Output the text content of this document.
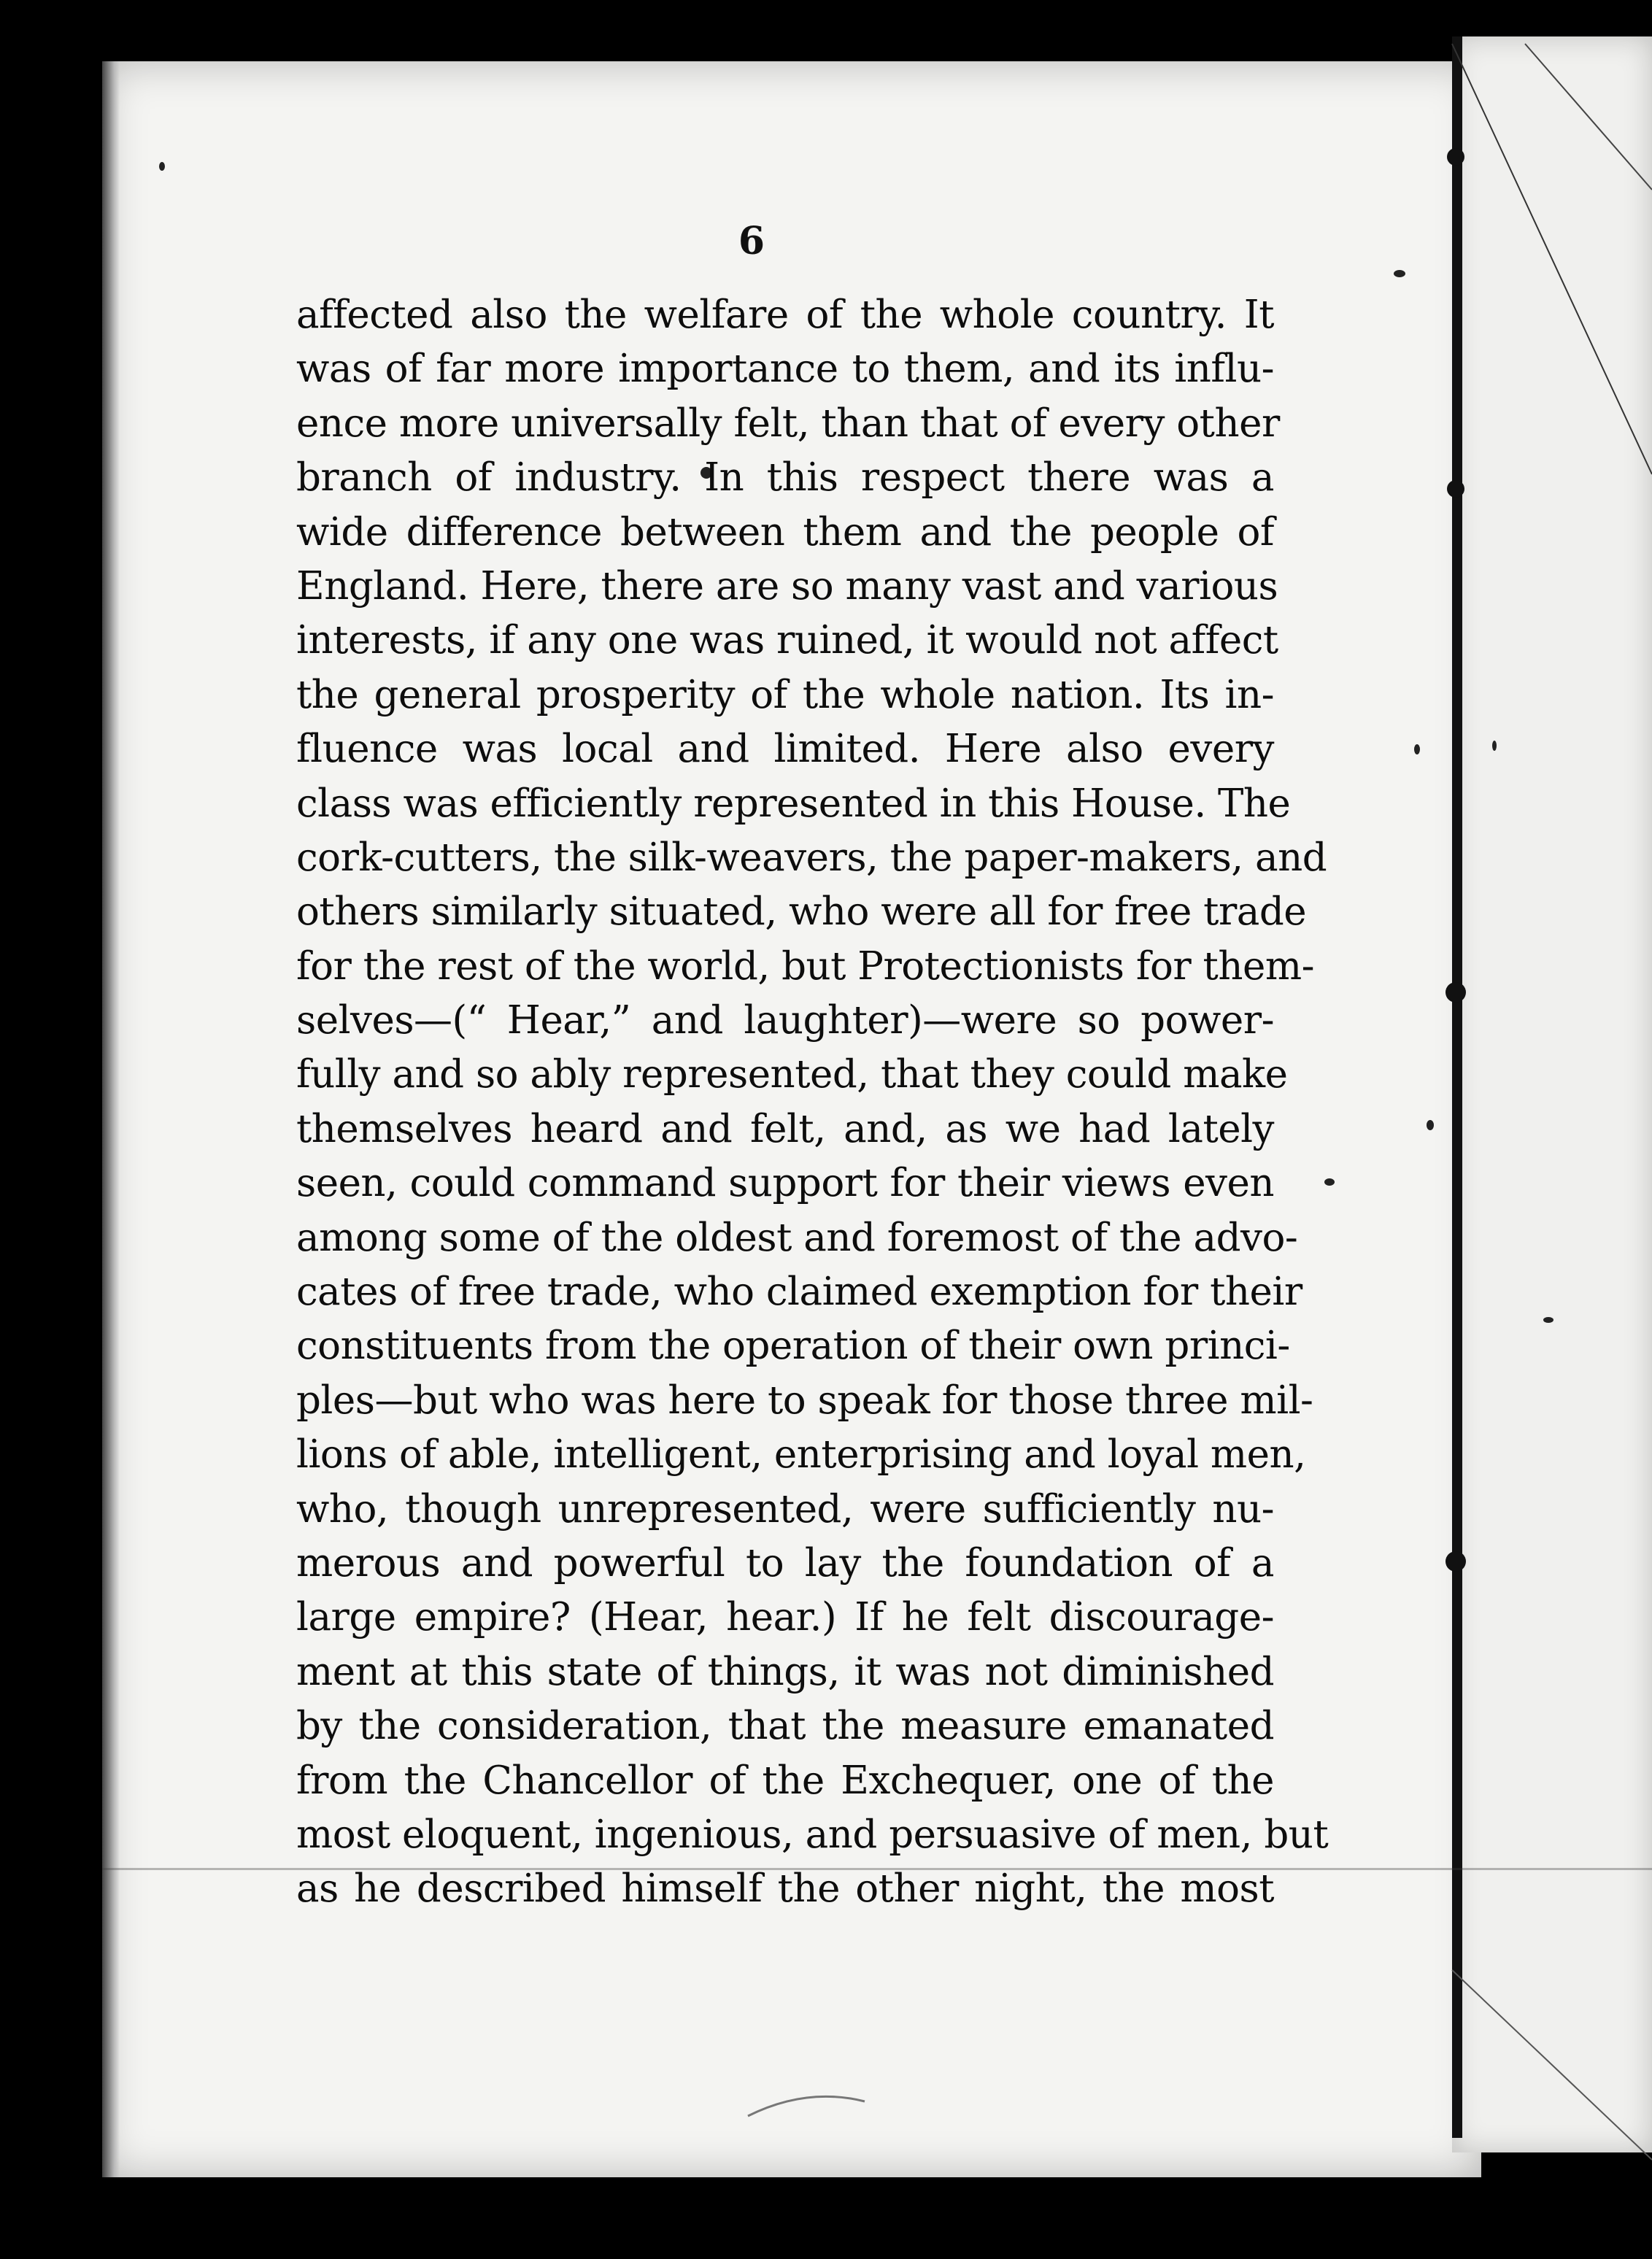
6
affected also the welfare of the whole country. It
was of far more importance to them, and its influ-
ence more universally felt, than that of every other
branch of industry. In this respect there was a
wide difference between them and the people of
England. Here, there are so many vast and various
interests, if any one was ruined, it would not affect
the general prosperity of the whole nation. Its in-
fluence was local and limited. Here also every
class was efficiently represented in this House. The
cork-cutters, the silk-weavers, the paper-makers, and
others similarly situated, who were all for free trade
for the rest of the world, but Protectionists for them-
selves—(“ Hear,” and laughter)—were so power-
fully and so ably represented, that they could make
themselves heard and felt, and, as we had lately
seen, could command support for their views even
among some of the oldest and foremost of the advo-
cates of free trade, who claimed exemption for their
constituents from the operation of their own princi-
ples—but who was here to speak for those three mil-
lions of able, intelligent, enterprising and loyal men,
who, though unrepresented, were sufficiently nu-
merous and powerful to lay the foundation of a
large empire? (Hear, hear.) If he felt discourage-
ment at this state of things, it was not diminished
by the consideration, that the measure emanated
from the Chancellor of the Exchequer, one of the
most eloquent, ingenious, and persuasive of men, but
as he described himself the other night, the most
